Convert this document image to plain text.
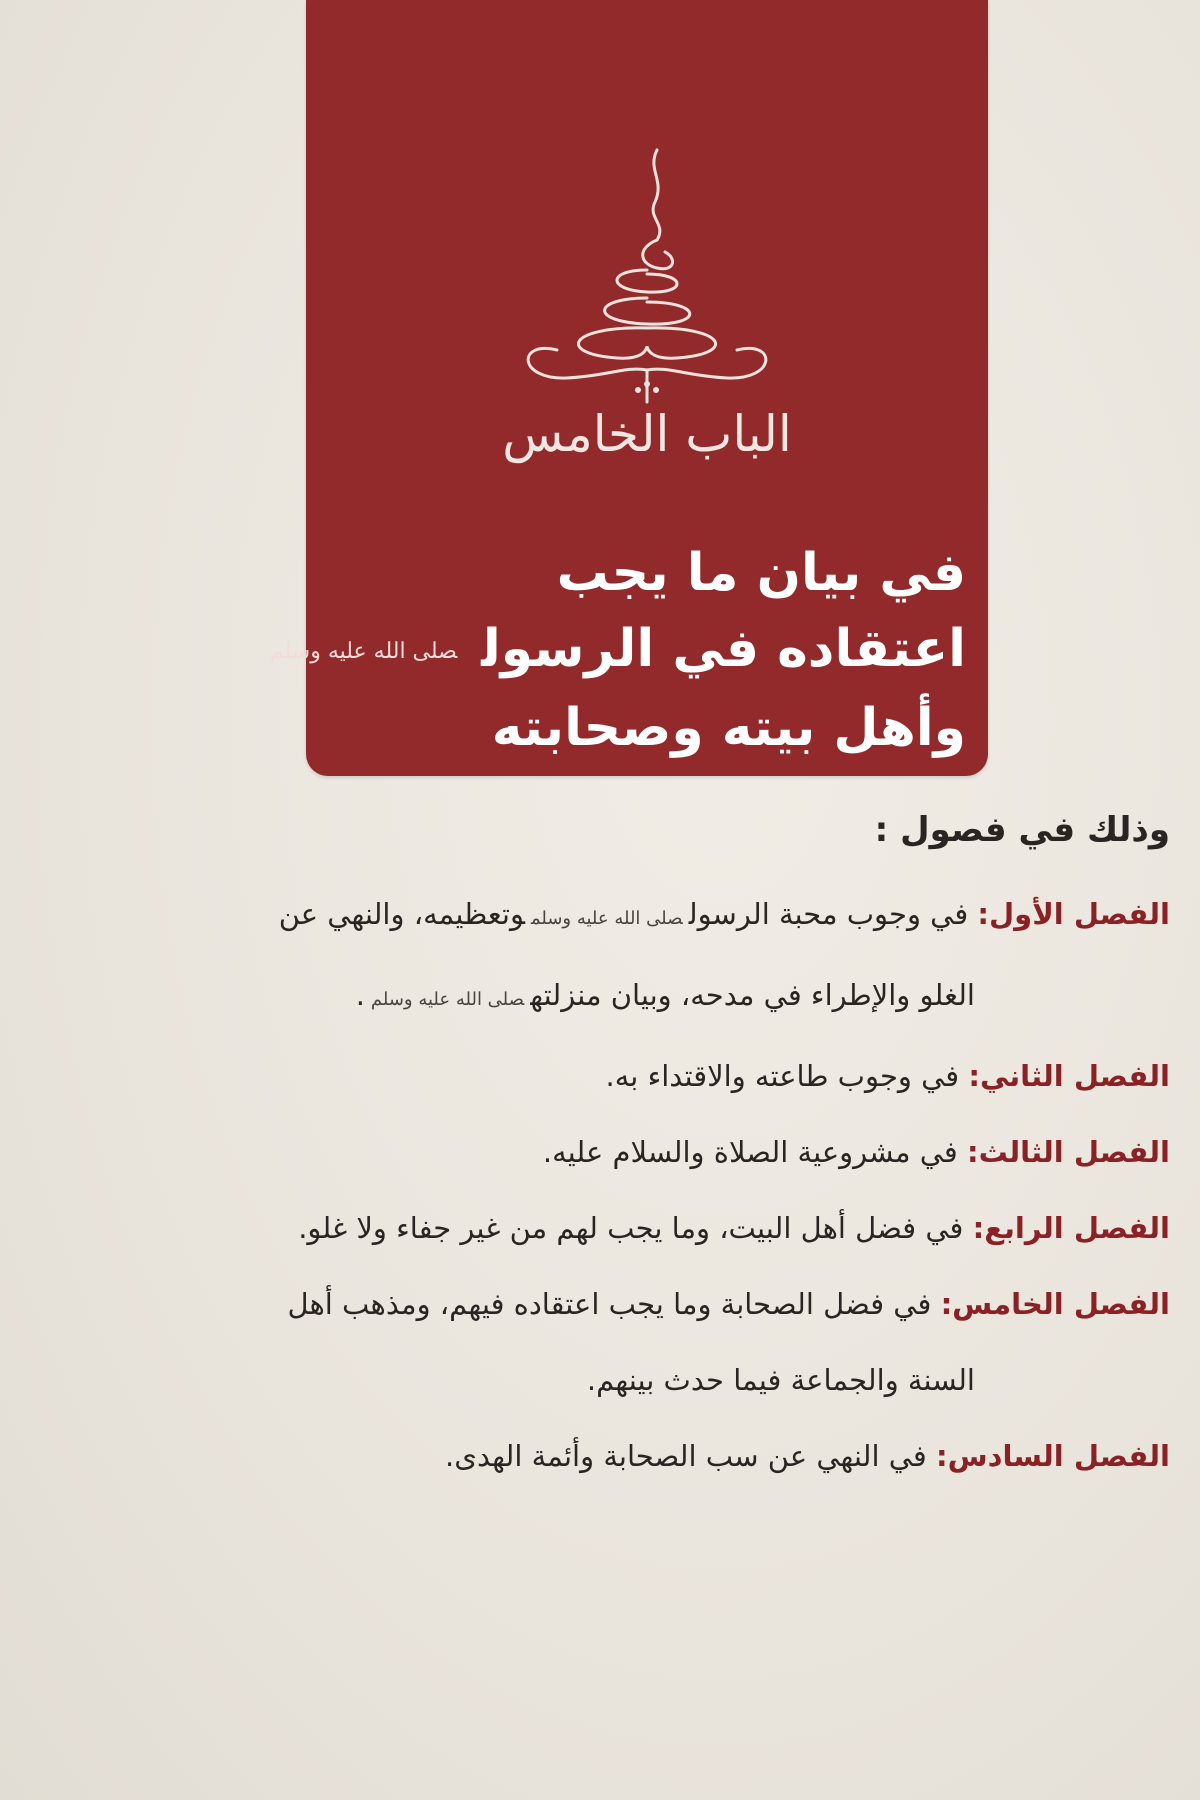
الباب الخامس
في بيان ما يجب
اعتقاده في الرسولصلى الله عليه وسلم
وأهل بيته وصحابته
وذلك في فصول :
الفصل الأول: في وجوب محبة الرسولصلى الله عليه وسلموتعظيمه، والنهي عن
الغلو والإطراء في مدحه، وبيان منزلتهصلى الله عليه وسلم.
الفصل الثاني: في وجوب طاعته والاقتداء به.
الفصل الثالث: في مشروعية الصلاة والسلام عليه.
الفصل الرابع: في فضل أهل البيت، وما يجب لهم من غير جفاء ولا غلو.
الفصل الخامس: في فضل الصحابة وما يجب اعتقاده فيهم، ومذهب أهل
السنة والجماعة فيما حدث بينهم.
الفصل السادس: في النهي عن سب الصحابة وأئمة الهدى.
